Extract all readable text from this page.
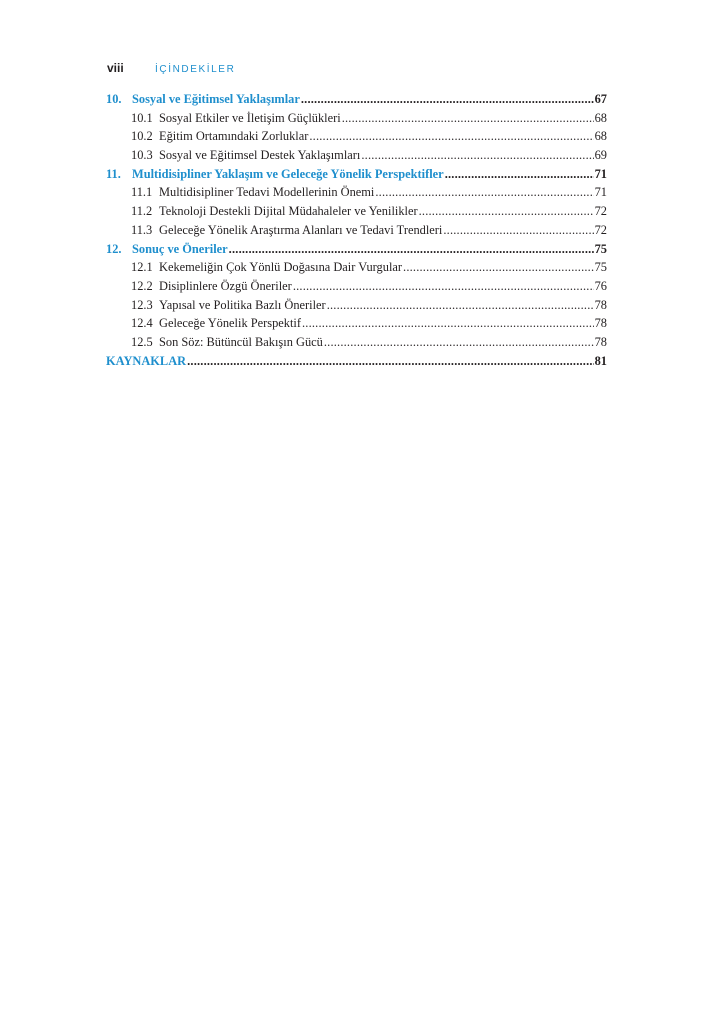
viii	İÇİNDEKİLER
10. Sosyal ve Eğitimsel Yaklaşımlar .....	67
10.1 Sosyal Etkiler ve İletişim Güçlükleri .....	68
10.2 Eğitim Ortamındaki Zorluklar .....	68
10.3 Sosyal ve Eğitimsel Destek Yaklaşımları .....	69
11. Multidisipliner Yaklaşım ve Geleceğe Yönelik Perspektifler .....	71
11.1 Multidisipliner Tedavi Modellerinin Önemi .....	71
11.2 Teknoloji Destekli Dijital Müdahaleler ve Yenilikler .....	72
11.3 Geleceğe Yönelik Araştırma Alanları ve Tedavi Trendleri .....	72
12. Sonuç ve Öneriler .....	75
12.1 Kekemeliğin Çok Yönlü Doğasına Dair Vurgular .....	75
12.2 Disiplinlere Özgü Öneriler .....	76
12.3 Yapısal ve Politika Bazlı Öneriler .....	78
12.4 Geleceğe Yönelik Perspektif .....	78
12.5 Son Söz: Bütüncül Bakışın Gücü .....	78
KAYNAKLAR .....	81
